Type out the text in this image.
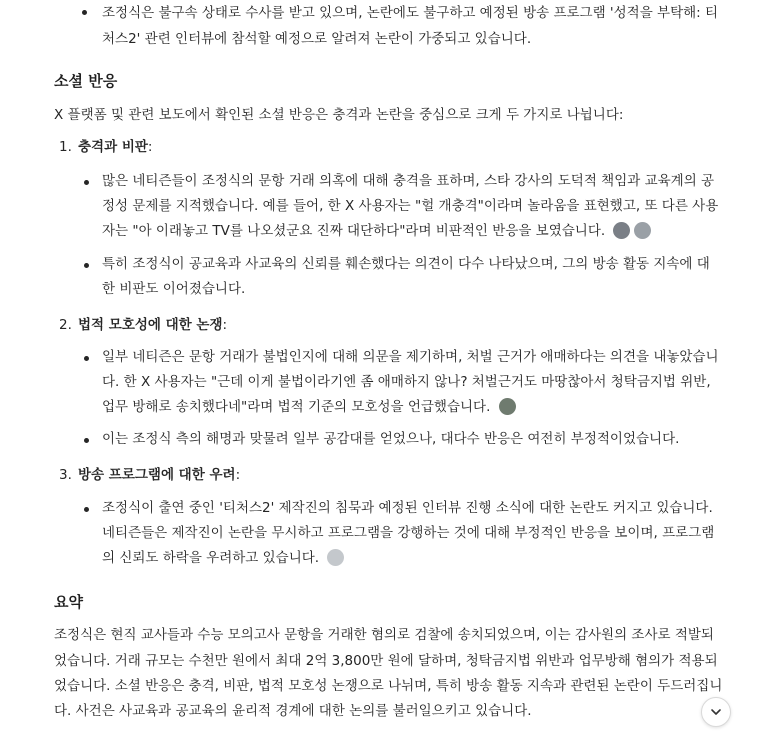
조정식은 불구속 상태로 수사를 받고 있으며, 논란에도 불구하고 예정된 방송 프로그램 '성적을 부탁해: 티
처스2' 관련 인터뷰에 참석할 예정으로 알려져 논란이 가중되고 있습니다.
소셜 반응
X 플랫폼 및 관련 보도에서 확인된 소셜 반응은 충격과 논란을 중심으로 크게 두 가지로 나뉩니다:
1. 충격과 비판:
많은 네티즌들이 조정식의 문항 거래 의혹에 대해 충격을 표하며, 스타 강사의 도덕적 책임과 교육계의 공
정성 문제를 지적했습니다. 예를 들어, 한 X 사용자는 "헐 개충격"이라며 놀라움을 표현했고, 또 다른 사용
자는 "아 이래놓고 TV를 나오셨군요 진짜 대단하다"라며 비판적인 반응을 보였습니다.
특히 조정식이 공교육과 사교육의 신뢰를 훼손했다는 의견이 다수 나타났으며, 그의 방송 활동 지속에 대
한 비판도 이어졌습니다.
2. 법적 모호성에 대한 논쟁:
일부 네티즌은 문항 거래가 불법인지에 대해 의문을 제기하며, 처벌 근거가 애매하다는 의견을 내놓았습니
다. 한 X 사용자는 "근데 이게 불법이라기엔 좀 애매하지 않나? 처벌근거도 마땅찮아서 청탁금지법 위반,
업무 방해로 송치했다네"라며 법적 기준의 모호성을 언급했습니다.
이는 조정식 측의 해명과 맞물려 일부 공감대를 얻었으나, 대다수 반응은 여전히 부정적이었습니다.
3. 방송 프로그램에 대한 우려:
조정식이 출연 중인 '티처스2' 제작진의 침묵과 예정된 인터뷰 진행 소식에 대한 논란도 커지고 있습니다.
네티즌들은 제작진이 논란을 무시하고 프로그램을 강행하는 것에 대해 부정적인 반응을 보이며, 프로그램
의 신뢰도 하락을 우려하고 있습니다.
요약
조정식은 현직 교사들과 수능 모의고사 문항을 거래한 혐의로 검찰에 송치되었으며, 이는 감사원의 조사로 적발되
었습니다. 거래 규모는 수천만 원에서 최대 2억 3,800만 원에 달하며, 청탁금지법 위반과 업무방해 혐의가 적용되
었습니다. 소셜 반응은 충격, 비판, 법적 모호성 논쟁으로 나뉘며, 특히 방송 활동 지속과 관련된 논란이 두드러집니
다. 사건은 사교육과 공교육의 윤리적 경계에 대한 논의를 불러일으키고 있습니다.
